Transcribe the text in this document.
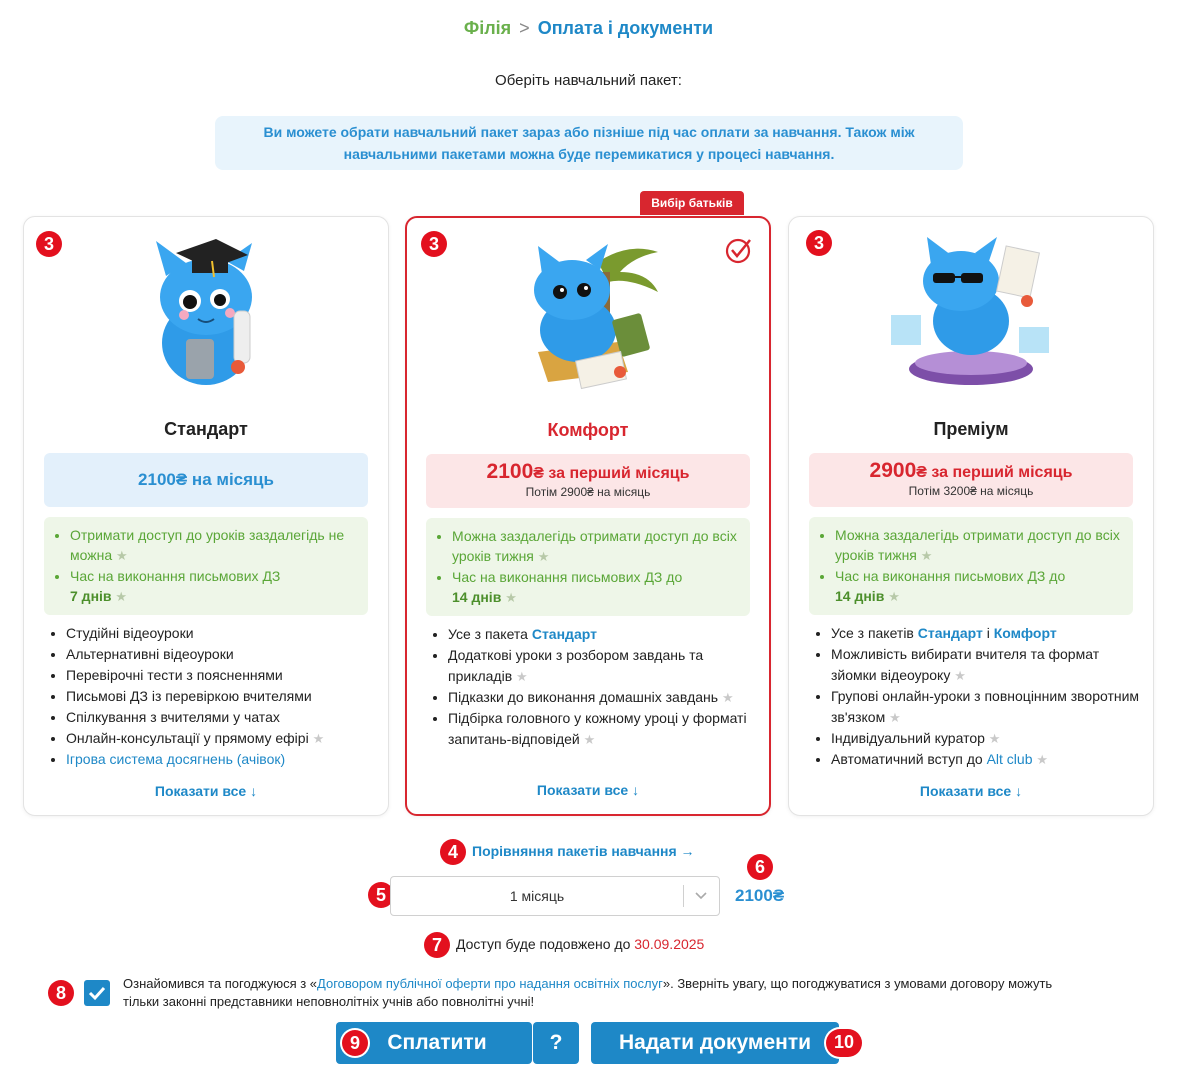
Філія > Оплата і документи
Оберіть навчальний пакет:
Ви можете обрати навчальний пакет зараз або пізніше під час оплати за навчання. Також між навчальними пакетами можна буде перемикатися у процесі навчання.
Вибір батьків
3
Стандарт
2100₴ на місяць
• Отримати доступ до уроків заздалегідь не можна ★
• Час на виконання письмових ДЗ
7 днів ★
• Студійні відеоуроки
• Альтернативні відеоуроки
• Перевірочні тести з поясненнями
• Письмові ДЗ із перевіркою вчителями
• Спілкування з вчителями у чатах
• Онлайн-консультації у прямому ефірі ★
• Ігрова система досягнень (ачівок)
Показати все ↓
3
Комфорт
2100₴ за перший місяць
Потім 2900₴ на місяць
• Можна заздалегідь отримати доступ до всіх уроків тижня ★
• Час на виконання письмових ДЗ до
14 днів ★
• Усе з пакета Стандарт
• Додаткові уроки з розбором завдань та прикладів ★
• Підказки до виконання домашніх завдань ★
• Підбірка головного у кожному уроці у форматі запитань-відповідей ★
Показати все ↓
3
Преміум
2900₴ за перший місяць
Потім 3200₴ на місяць
• Можна заздалегідь отримати доступ до всіх уроків тижня ★
• Час на виконання письмових ДЗ до
14 днів ★
• Усе з пакетів Стандарт і Комфорт
• Можливість вибирати вчителя та формат зйомки відеоуроку ★
• Групові онлайн-уроки з повноцінним зворотним зв'язком ★
• Індивідуальний куратор ★
• Автоматичний вступ до Alt club ★
Показати все ↓
4	Порівняння пакетів навчання →
5	1 місяць
6
2100₴
7	Доступ буде подовжено до 30.09.2025
8	Ознайомився та погоджуюся з «Договором публічної оферти про надання освітніх послуг». Зверніть увагу, що погоджуватися з умовами договору можуть тільки законні представники неповнолітніх учнів або повнолітні учні!
Сплатити
9	?	Надати документи	10
